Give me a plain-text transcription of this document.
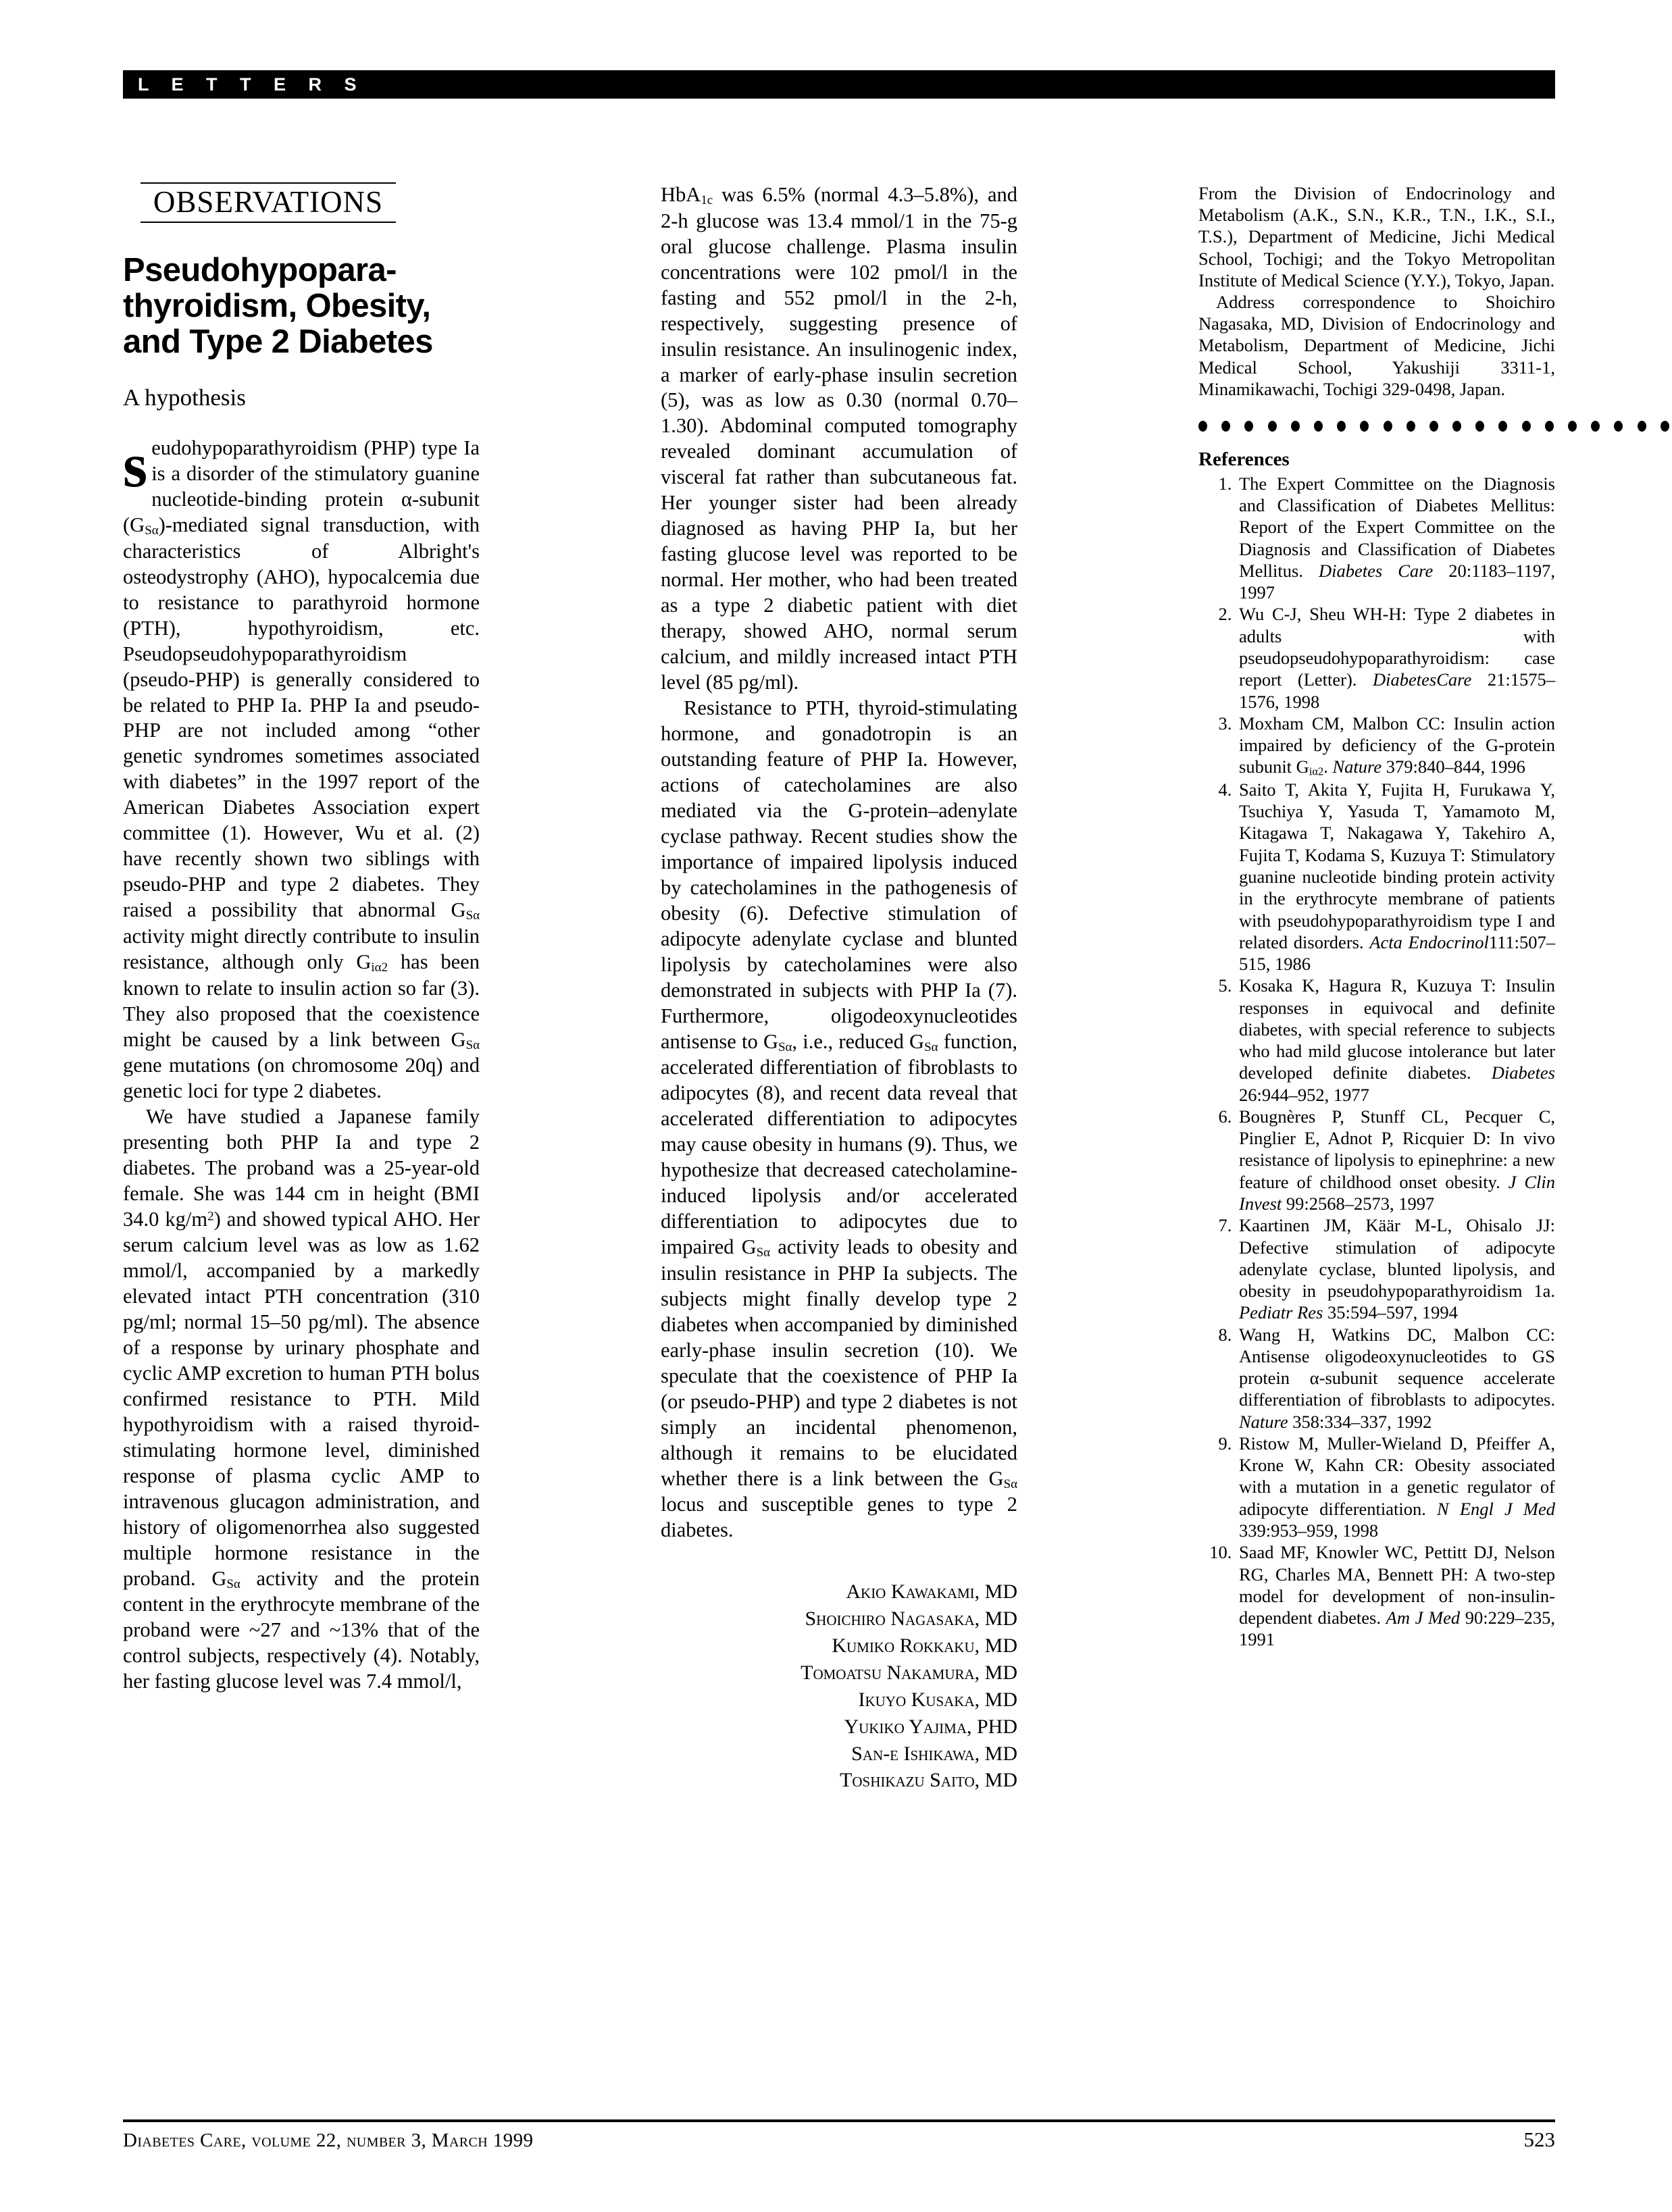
L E T T E R S
OBSERVATIONS
Pseudohypopara-
thyroidism, Obesity,
and Type 2 Diabetes
A hypothesis

seudohypoparathyroidism (PHP) type Ia is a disorder of the stimulatory guanine nucleotide-binding protein α-subunit $(G_{S\alpha})$-mediated signal transduction, with characteristics of Albright's osteodystrophy (AHO), hypocalcemia due to resistance to parathyroid hormone (PTH), hypothyroidism, etc. Pseudopseudohypoparathyroidism (pseudo-PHP) is generally considered to be related to PHP Ia. PHP Ia and pseudo-PHP are not included among “other genetic syndromes sometimes associated with diabetes” in the 1997 report of the American Diabetes Association expert committee (1). However, Wu et al. (2) have recently shown two siblings with pseudo-PHP and type 2 diabetes. They raised a possibility that abnormal $G_{S\alpha}$ activity might directly contribute to insulin resistance, although only $G_{i\alpha 2}$ has been known to relate to insulin action so far (3). They also proposed that the coexistence might be caused by a link between $G_{S\alpha}$ gene mutations (on chromosome 20q) and genetic loci for type 2 diabetes.

We have studied a Japanese family presenting both PHP Ia and type 2 diabetes. The proband was a 25-year-old female. She was 144 cm in height (BMI 34.0 $kg/m^2$) and showed typical AHO. Her serum calcium level was as low as 1.62 mmol/l, accompanied by a markedly elevated intact PTH concentration (310 pg/ml; normal 15–50 pg/ml). The absence of a response by urinary phosphate and cyclic AMP excretion to human PTH bolus confirmed resistance to PTH. Mild hypothyroidism with a raised thyroid-stimulating hormone level, diminished response of plasma cyclic AMP to intravenous glucagon administration, and history of oligomenorrhea also suggested multiple hormone resistance in the proband. $G_{S\alpha}$ activity and the protein content in the erythrocyte membrane of the proband were ~27 and ~13% that of the control subjects, respectively (4). Notably, her fasting glucose level was 7.4 mmol/l,

HbA$_{1c}$ was 6.5% (normal 4.3–5.8%), and 2-h glucose was 13.4 mmol/1 in the 75-g oral glucose challenge. Plasma insulin concentrations were 102 pmol/l in the fasting and 552 pmol/l in the 2-h, respectively, suggesting presence of insulin resistance. An insulinogenic index, a marker of early-phase insulin secretion (5), was as low as 0.30 (normal 0.70–1.30). Abdominal computed tomography revealed dominant accumulation of visceral fat rather than subcutaneous fat. Her younger sister had been already diagnosed as having PHP Ia, but her fasting glucose level was reported to be normal. Her mother, who had been treated as a type 2 diabetic patient with diet therapy, showed AHO, normal serum calcium, and mildly increased intact PTH level (85 pg/ml).

Resistance to PTH, thyroid-stimulating hormone, and gonadotropin is an outstanding feature of PHP Ia. However, actions of catecholamines are also mediated via the G-protein–adenylate cyclase pathway. Recent studies show the importance of impaired lipolysis induced by catecholamines in the pathogenesis of obesity (6). Defective stimulation of adipocyte adenylate cyclase and blunted lipolysis by catecholamines were also demonstrated in subjects with PHP Ia (7). Furthermore, oligodeoxynucleotides antisense to $G_{S\alpha}$, i.e., reduced $G_{S\alpha}$ function, accelerated differentiation of fibroblasts to adipocytes (8), and recent data reveal that accelerated differentiation to adipocytes may cause obesity in humans (9). Thus, we hypothesize that decreased catecholamine-induced lipolysis and/or accelerated differentiation to adipocytes due to impaired $G_{S\alpha}$ activity leads to obesity and insulin resistance in PHP Ia subjects. The subjects might finally develop type 2 diabetes when accompanied by diminished early-phase insulin secretion (10). We speculate that the coexistence of PHP Ia (or pseudo-PHP) and type 2 diabetes is not simply an incidental phenomenon, although it remains to be elucidated whether there is a link between the $G_{S\alpha}$ locus and susceptible genes to type 2 diabetes.

Akio Kawakami, MD
Shoichiro Nagasaka, MD
Kumiko Rokkaku, MD
Tomoatsu Nakamura, MD
Ikuyo Kusaka, MD
Yukiko Yajima, PHD
San-e Ishikawa, MD
Toshikazu Saito, MD

From the Division of Endocrinology and Metabolism (A.K., S.N., K.R., T.N., I.K., S.I., T.S.), Department of Medicine, Jichi Medical School, Tochigi; and the Tokyo Metropolitan Institute of Medical Science (Y.Y.), Tokyo, Japan.

Address correspondence to Shoichiro Nagasaka, MD, Division of Endocrinology and Metabolism, Department of Medicine, Jichi Medical School, Yakushiji 3311-1, Minamikawachi, Tochigi 329-0498, Japan.

References
1. The Expert Committee on the Diagnosis and Classification of Diabetes Mellitus: Report of the Expert Committee on the Diagnosis and Classification of Diabetes Mellitus. Diabetes Care 20:1183–1197, 1997
2. Wu C-J, Sheu WH-H: Type 2 diabetes in adults with pseudopseudohypoparathyroidism: case report (Letter). DiabetesCare 21:1575–1576, 1998
3. Moxham CM, Malbon CC: Insulin action impaired by deficiency of the G-protein subunit $G_{i\alpha 2}$. Nature 379:840–844, 1996
4. Saito T, Akita Y, Fujita H, Furukawa Y, Tsuchiya Y, Yasuda T, Yamamoto M, Kitagawa T, Nakagawa Y, Takehiro A, Fujita T, Kodama S, Kuzuya T: Stimulatory guanine nucleotide binding protein activity in the erythrocyte membrane of patients with pseudohypoparathyroidism type I and related disorders. Acta Endocrinol111:507–515, 1986
5. Kosaka K, Hagura R, Kuzuya T: Insulin responses in equivocal and definite diabetes, with special reference to subjects who had mild glucose intolerance but later developed definite diabetes. Diabetes 26:944–952, 1977
6. Bougnères P, Stunff CL, Pecquer C, Pinglier E, Adnot P, Ricquier D: In vivo resistance of lipolysis to epinephrine: a new feature of childhood onset obesity. J Clin Invest 99:2568–2573, 1997
7. Kaartinen JM, Käär M-L, Ohisalo JJ: Defective stimulation of adipocyte adenylate cyclase, blunted lipolysis, and obesity in pseudohypoparathyroidism 1a. Pediatr Res 35:594–597, 1994
8. Wang H, Watkins DC, Malbon CC: Antisense oligodeoxynucleotides to GS protein α-subunit sequence accelerate differentiation of fibroblasts to adipocytes. Nature 358:334–337, 1992
9. Ristow M, Muller-Wieland D, Pfeiffer A, Krone W, Kahn CR: Obesity associated with a mutation in a genetic regulator of adipocyte differentiation. N Engl J Med 339:953–959, 1998
10. Saad MF, Knowler WC, Pettitt DJ, Nelson RG, Charles MA, Bennett PH: A two-step model for development of non-insulin-dependent diabetes. Am J Med 90:229–235, 1991
Diabetes Care, volume 22, number 3, March 1999	523
